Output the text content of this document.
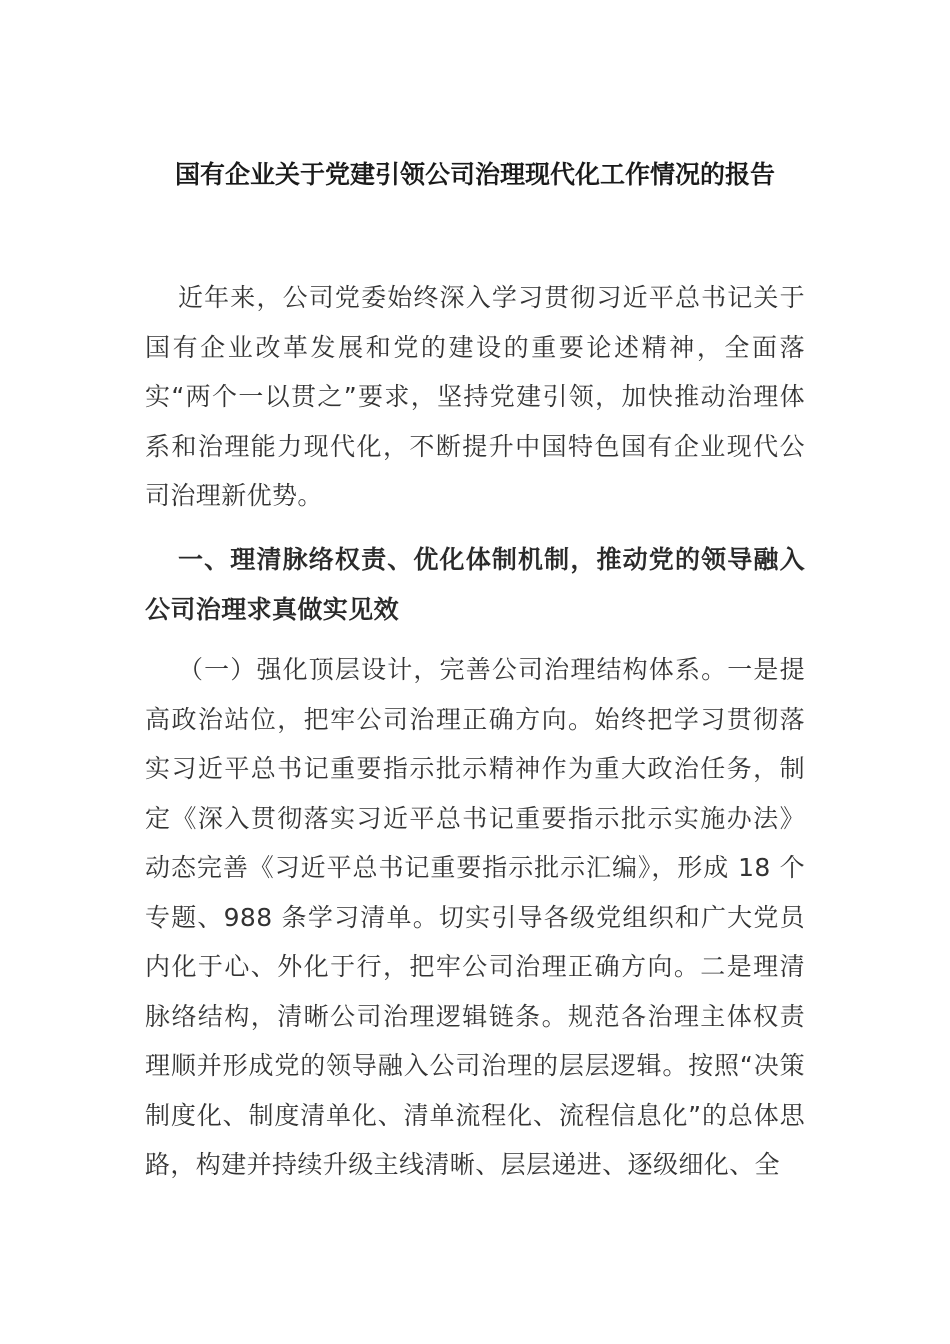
国有企业关于党建引领公司治理现代化工作情况的报告

近年来，公司党委始终深入学习贯彻习近平总书记关于国有企业改革发展和党的建设的重要论述精神，全面落实“两个一以贯之”要求，坚持党建引领，加快推动治理体系和治理能力现代化，不断提升中国特色国有企业现代公司治理新优势。

一、理清脉络权责、优化体制机制，推动党的领导融入公司治理求真做实见效

（一）强化顶层设计，完善公司治理结构体系。一是提高政治站位，把牢公司治理正确方向。始终把学习贯彻落实习近平总书记重要指示批示精神作为重大政治任务，制定《深入贯彻落实习近平总书记重要指示批示实施办法》动态完善《习近平总书记重要指示批示汇编》，形成 18 个专题、988 条学习清单。切实引导各级党组织和广大党员内化于心、外化于行，把牢公司治理正确方向。二是理清脉络结构，清晰公司治理逻辑链条。规范各治理主体权责理顺并形成党的领导融入公司治理的层层逻辑。按照“决策制度化、制度清单化、清单流程化、流程信息化”的总体思路，构建并持续升级主线清晰、层层递进、逐级细化、全
